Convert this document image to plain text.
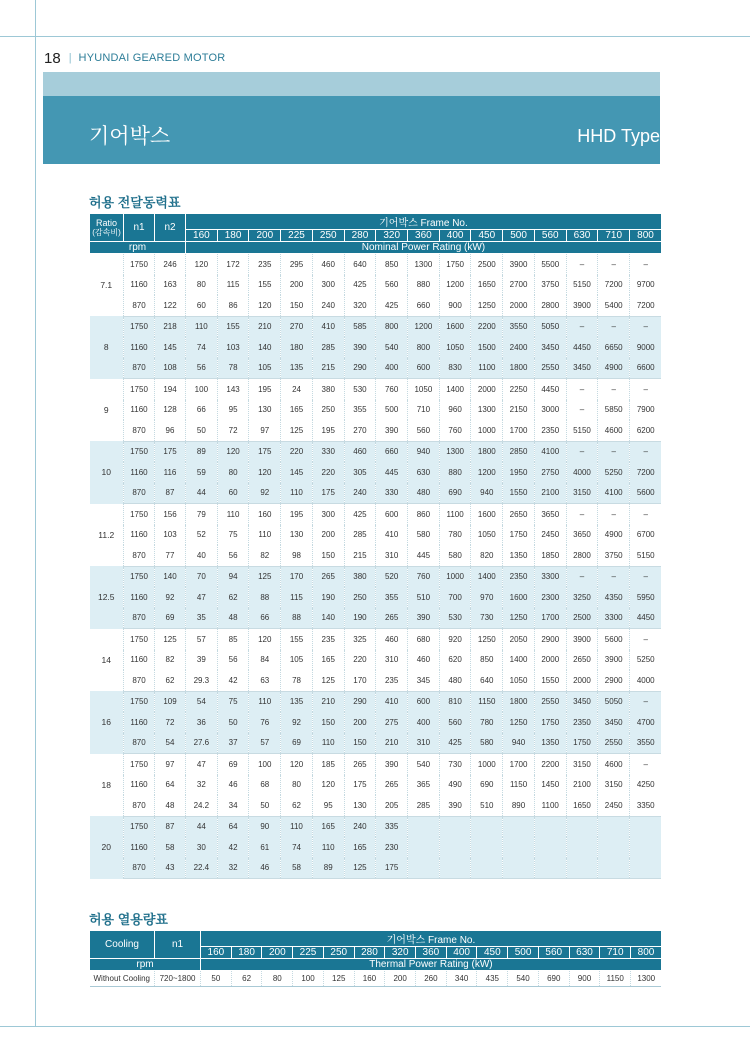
18 | HYUNDAI GEARED MOTOR
기어박스	HHD Type
허용 전달동력표
Ratio
(감속비)	n1	n2	기어박스 Frame No.														
			160	180	200	225	250	280	320	360	400	450	500	560	630	710	800
rpm			Nominal Power Rating (kW)														
7.1	1750	246	120	172	235	295	460	640	850	1300	1750	2500	3900	5500	–	–	–
	1160	163	80	115	155	200	300	425	560	880	1200	1650	2700	3750	5150	7200	9700
	870	122	60	86	120	150	240	320	425	660	900	1250	2000	2800	3900	5400	7200
8	1750	218	110	155	210	270	410	585	800	1200	1600	2200	3550	5050	–	–	–
	1160	145	74	103	140	180	285	390	540	800	1050	1500	2400	3450	4450	6650	9000
	870	108	56	78	105	135	215	290	400	600	830	1100	1800	2550	3450	4900	6600
9	1750	194	100	143	195	24	380	530	760	1050	1400	2000	2250	4450	–	–	–
	1160	128	66	95	130	165	250	355	500	710	960	1300	2150	3000	–	5850	7900
	870	96	50	72	97	125	195	270	390	560	760	1000	1700	2350	5150	4600	6200
10	1750	175	89	120	175	220	330	460	660	940	1300	1800	2850	4100	–	–	–
	1160	116	59	80	120	145	220	305	445	630	880	1200	1950	2750	4000	5250	7200
	870	87	44	60	92	110	175	240	330	480	690	940	1550	2100	3150	4100	5600
11.2	1750	156	79	110	160	195	300	425	600	860	1100	1600	2650	3650	–	–	–
	1160	103	52	75	110	130	200	285	410	580	780	1050	1750	2450	3650	4900	6700
	870	77	40	56	82	98	150	215	310	445	580	820	1350	1850	2800	3750	5150
12.5	1750	140	70	94	125	170	265	380	520	760	1000	1400	2350	3300	–	–	–
	1160	92	47	62	88	115	190	250	355	510	700	970	1600	2300	3250	4350	5950
	870	69	35	48	66	88	140	190	265	390	530	730	1250	1700	2500	3300	4450
14	1750	125	57	85	120	155	235	325	460	680	920	1250	2050	2900	3900	5600	–
	1160	82	39	56	84	105	165	220	310	460	620	850	1400	2000	2650	3900	5250
	870	62	29.3	42	63	78	125	170	235	345	480	640	1050	1550	2000	2900	4000
16	1750	109	54	75	110	135	210	290	410	600	810	1150	1800	2550	3450	5050	–
	1160	72	36	50	76	92	150	200	275	400	560	780	1250	1750	2350	3450	4700
	870	54	27.6	37	57	69	110	150	210	310	425	580	940	1350	1750	2550	3550
18	1750	97	47	69	100	120	185	265	390	540	730	1000	1700	2200	3150	4600	–
	1160	64	32	46	68	80	120	175	265	365	490	690	1150	1450	2100	3150	4250
	870	48	24.2	34	50	62	95	130	205	285	390	510	890	1100	1650	2450	3350
20	1750	87	44	64	90	110	165	240	335								
	1160	58	30	42	61	74	110	165	230								
	870	43	22.4	32	46	58	89	125	175								
허용 열용량표
Cooling	n1	기어박스 Frame No.														
		160	180	200	225	250	280	320	360	400	450	500	560	630	710	800
rpm		Thermal Power Rating (kW)														
Without Cooling	720~1800	50	62	80	100	125	160	200	260	340	435	540	690	900	1150	1300
